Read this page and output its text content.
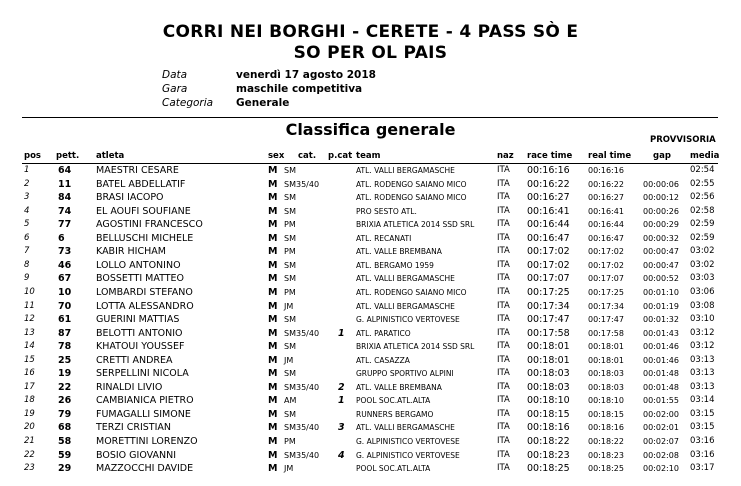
CORRI NEI BORGHI - CERETE - 4 PASS SÒ E
SO PER OL PAIS
Data	venerdì 17 agosto 2018
Gara	maschile competitiva
Categoria Generale
Classifica generale
PROVVISORIA
pos pett. atleta	sex cat. p.cat team	naz race time real time	gap media
1	64	MAESTRI CESARE	M SM	ATL. VALLI BERGAMASCHE	ITA 00:16:16 00:16:16	02:54
2	11	BATEL ABDELLATIF	M SM35/40	ATL. RODENGO SAIANO MICO	ITA 00:16:22 00:16:22 00:00:06 02:55
3	84	BRASI IACOPO	M SM	ATL. RODENGO SAIANO MICO	ITA 00:16:27 00:16:27 00:00:12 02:56
4	74	EL AOUFI SOUFIANE	M SM	PRO SESTO ATL.	ITA 00:16:41 00:16:41 00:00:26 02:58
5	77	AGOSTINI FRANCESCO	M PM	BRIXIA ATLETICA 2014 SSD SRL	ITA 00:16:44 00:16:44 00:00:29 02:59
6	6	BELLUSCHI MICHELE	M SM	ATL. RECANATI	ITA 00:16:47 00:16:47 00:00:32 02:59
7	73	KABIR HICHAM	M PM	ATL. VALLE BREMBANA	ITA 00:17:02 00:17:02 00:00:47 03:02
8	46	LOLLO ANTONINO	M SM	ATL. BERGAMO 1959	ITA 00:17:02 00:17:02 00:00:47 03:02
9	67	BOSSETTI MATTEO	M SM	ATL. VALLI BERGAMASCHE	ITA 00:17:07 00:17:07 00:00:52 03:03
10 10	LOMBARDI STEFANO	M PM	ATL. RODENGO SAIANO MICO	ITA 00:17:25 00:17:25 00:01:10 03:06
11 70	LOTTA ALESSANDRO	M JM	ATL. VALLI BERGAMASCHE	ITA 00:17:34 00:17:34 00:01:19 03:08
12 61	GUERINI MATTIAS	M SM	G. ALPINISTICO VERTOVESE	ITA 00:17:47 00:17:47 00:01:32 03:10
13 87	BELOTTI ANTONIO	M SM35/40 1 ATL. PARATICO	ITA 00:17:58 00:17:58 00:01:43 03:12
14 78	KHATOUI YOUSSEF	M SM	BRIXIA ATLETICA 2014 SSD SRL	ITA 00:18:01 00:18:01 00:01:46 03:12
15 25	CRETTI ANDREA	M JM	ATL. CASAZZA	ITA 00:18:01 00:18:01 00:01:46 03:13
16 19	SERPELLINI NICOLA	M SM	GRUPPO SPORTIVO ALPINI	ITA 00:18:03 00:18:03 00:01:48 03:13
17 22	RINALDI LIVIO	M SM35/40 2 ATL. VALLE BREMBANA	ITA 00:18:03 00:18:03 00:01:48 03:13
18 26	CAMBIANICA PIETRO	M AM	1 POOL SOC.ATL.ALTA	ITA 00:18:10 00:18:10 00:01:55 03:14
19 79	FUMAGALLI SIMONE	M SM	RUNNERS BERGAMO	ITA 00:18:15 00:18:15 00:02:00 03:15
20 68	TERZI CRISTIAN	M SM35/40 3 ATL. VALLI BERGAMASCHE	ITA 00:18:16 00:18:16 00:02:01 03:15
21 58	MORETTINI LORENZO	M PM	G. ALPINISTICO VERTOVESE	ITA 00:18:22 00:18:22 00:02:07 03:16
22 59	BOSIO GIOVANNI	M SM35/40 4 G. ALPINISTICO VERTOVESE	ITA 00:18:23 00:18:23 00:02:08 03:16
23 29	MAZZOCCHI DAVIDE	M JM	POOL SOC.ATL.ALTA	ITA 00:18:25 00:18:25 00:02:10 03:17
